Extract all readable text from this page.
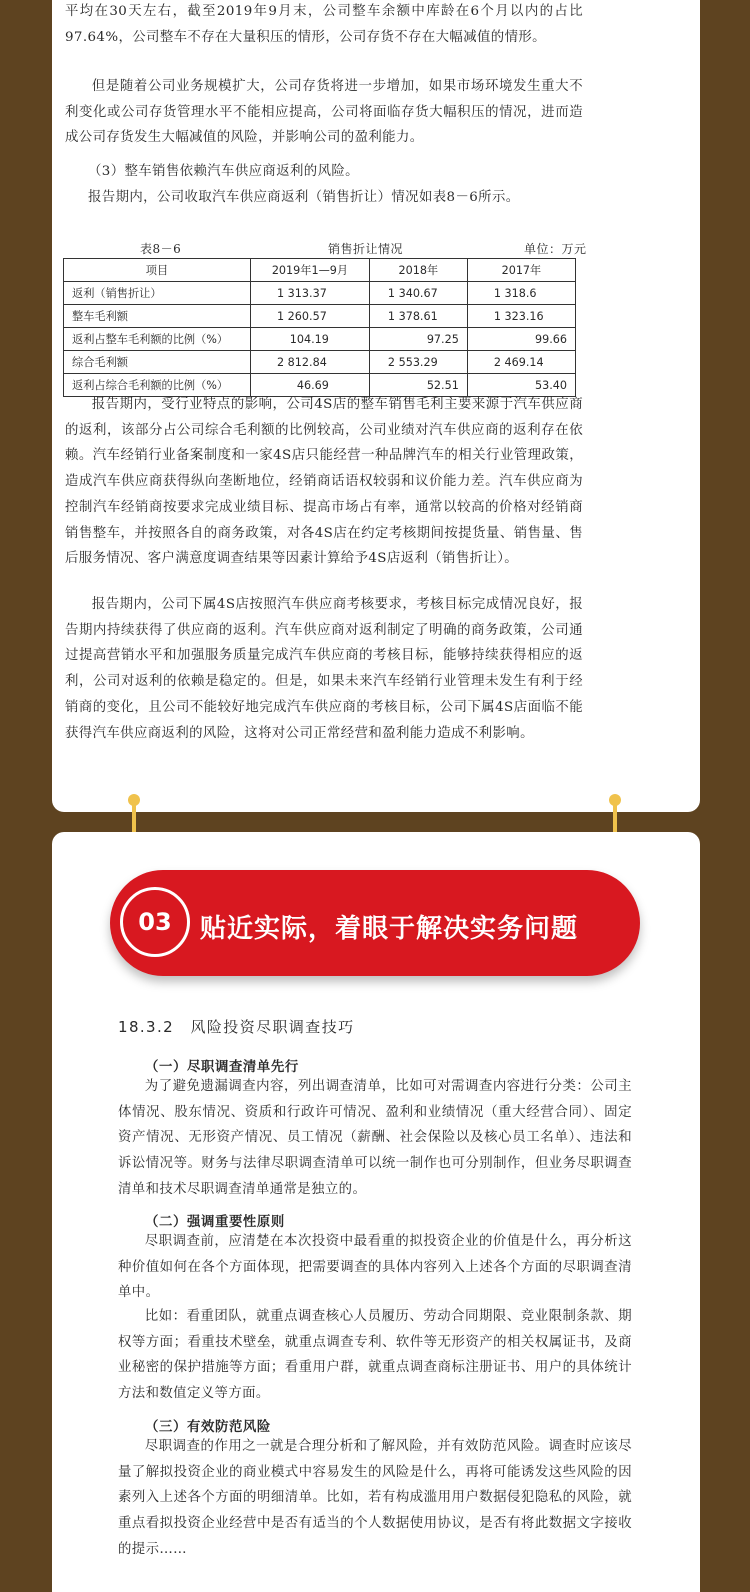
平均在30天左右，截至2019年9月末，公司整车余额中库龄在6个月以内的占比97.64%，公司整车不存在大量积压的情形，公司存货不存在大幅减值的情形。

但是随着公司业务规模扩大，公司存货将进一步增加，如果市场环境发生重大不利变化或公司存货管理水平不能相应提高，公司将面临存货大幅积压的情况，进而造成公司存货发生大幅减值的风险，并影响公司的盈利能力。

（3）整车销售依赖汽车供应商返利的风险。
报告期内，公司收取汽车供应商返利（销售折让）情况如表8－6所示。
表8－6	销售折让情况	单位：万元
项目	2019年1—9月	2018年	2017年
返利（销售折让）	1 313.37	1 340.67	1 318.6
整车毛利额	1 260.57	1 378.61	1 323.16
返利占整车毛利额的比例（%）	104.19	97.25	99.66
综合毛利额	2 812.84	2 553.29	2 469.14
返利占综合毛利额的比例（%）	46.69	52.51	53.40

报告期内，受行业特点的影响，公司4S店的整车销售毛利主要来源于汽车供应商的返利，该部分占公司综合毛利额的比例较高，公司业绩对汽车供应商的返利存在依赖。汽车经销行业备案制度和一家4S店只能经营一种品牌汽车的相关行业管理政策，造成汽车供应商获得纵向垄断地位，经销商话语权较弱和议价能力差。汽车供应商为控制汽车经销商按要求完成业绩目标、提高市场占有率，通常以较高的价格对经销商销售整车，并按照各自的商务政策，对各4S店在约定考核期间按提货量、销售量、售后服务情况、客户满意度调查结果等因素计算给予4S店返利（销售折让）。

报告期内，公司下属4S店按照汽车供应商考核要求，考核目标完成情况良好，报告期内持续获得了供应商的返利。汽车供应商对返利制定了明确的商务政策，公司通过提高营销水平和加强服务质量完成汽车供应商的考核目标，能够持续获得相应的返利，公司对返利的依赖是稳定的。但是，如果未来汽车经销行业管理未发生有利于经销商的变化，且公司不能较好地完成汽车供应商的考核目标，公司下属4S店面临不能获得汽车供应商返利的风险，这将对公司正常经营和盈利能力造成不利影响。

03	贴近实际，着眼于解决实务问题
18.3.2　风险投资尽职调查技巧
（一）尽职调查清单先行

为了避免遗漏调查内容，列出调查清单，比如可对需调查内容进行分类：公司主体情况、股东情况、资质和行政许可情况、盈利和业绩情况（重大经营合同）、固定资产情况、无形资产情况、员工情况（薪酬、社会保险以及核心员工名单）、违法和诉讼情况等。财务与法律尽职调查清单可以统一制作也可分别制作，但业务尽职调查清单和技术尽职调查清单通常是独立的。

（二）强调重要性原则

尽职调查前，应清楚在本次投资中最看重的拟投资企业的价值是什么，再分析这种价值如何在各个方面体现，把需要调查的具体内容列入上述各个方面的尽职调查清单中。

比如：看重团队，就重点调查核心人员履历、劳动合同期限、竞业限制条款、期权等方面；看重技术壁垒，就重点调查专利、软件等无形资产的相关权属证书，及商业秘密的保护措施等方面；看重用户群，就重点调查商标注册证书、用户的具体统计方法和数值定义等方面。

（三）有效防范风险

尽职调查的作用之一就是合理分析和了解风险，并有效防范风险。调查时应该尽量了解拟投资企业的商业模式中容易发生的风险是什么，再将可能诱发这些风险的因素列入上述各个方面的明细清单。比如，若有构成滥用用户数据侵犯隐私的风险，就重点看拟投资企业经营中是否有适当的个人数据使用协议，是否有将此数据文字接收的提示……
